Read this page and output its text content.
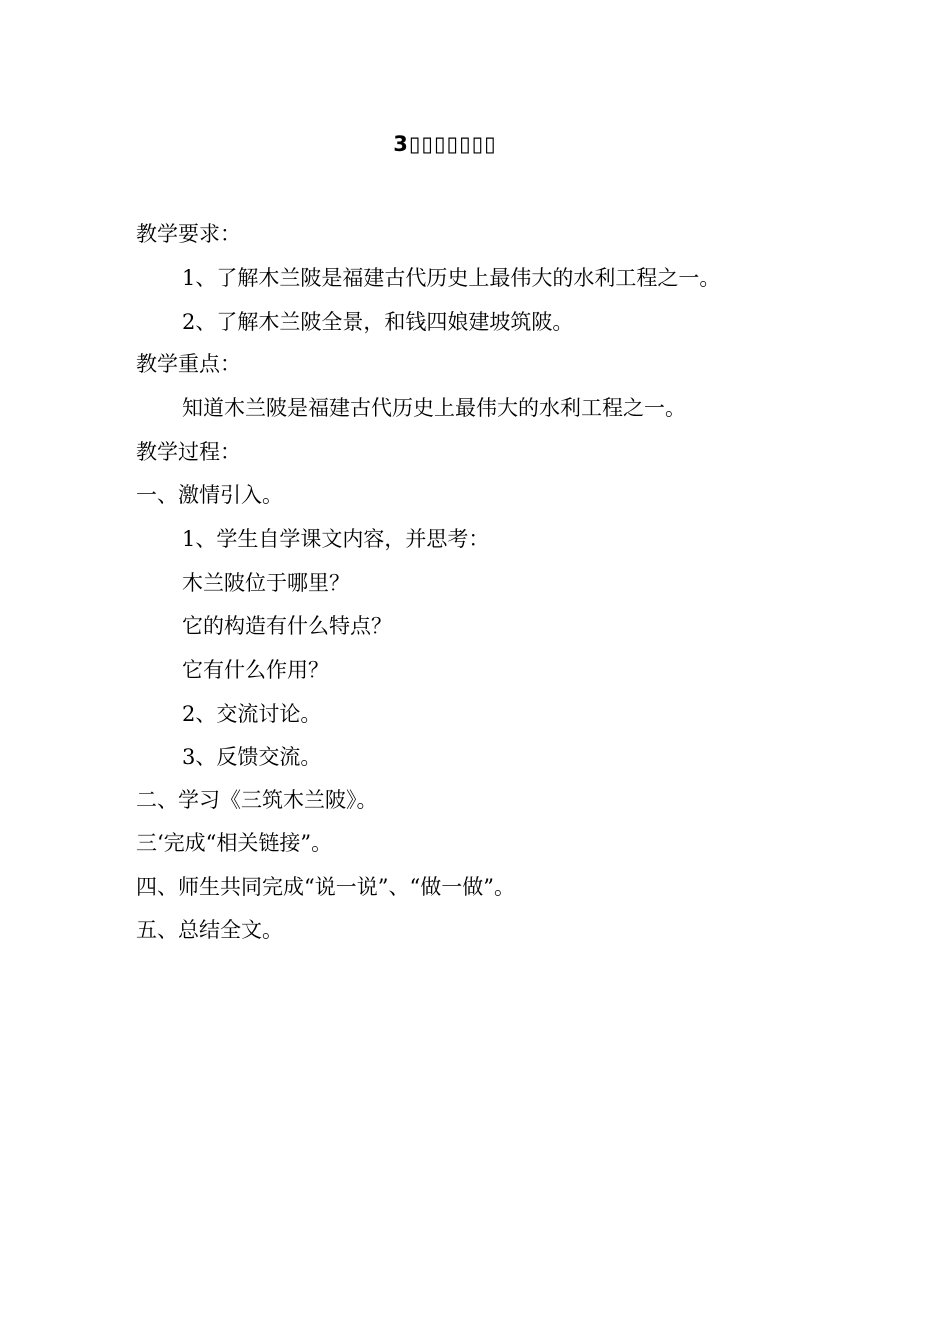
3▯▯▯▯▯▯▯
教学要求：
1、了解木兰陂是福建古代历史上最伟大的水利工程之一。
2、了解木兰陂全景，和钱四娘建坡筑陂。
教学重点：
知道木兰陂是福建古代历史上最伟大的水利工程之一。
教学过程：
一、激情引入。
1、学生自学课文内容，并思考：
木兰陂位于哪里？
它的构造有什么特点？
它有什么作用？
2、交流讨论。
3、反馈交流。
二、学习《三筑木兰陂》。
三‘完成“相关链接”。
四、师生共同完成“说一说”、“做一做”。
五、总结全文。
